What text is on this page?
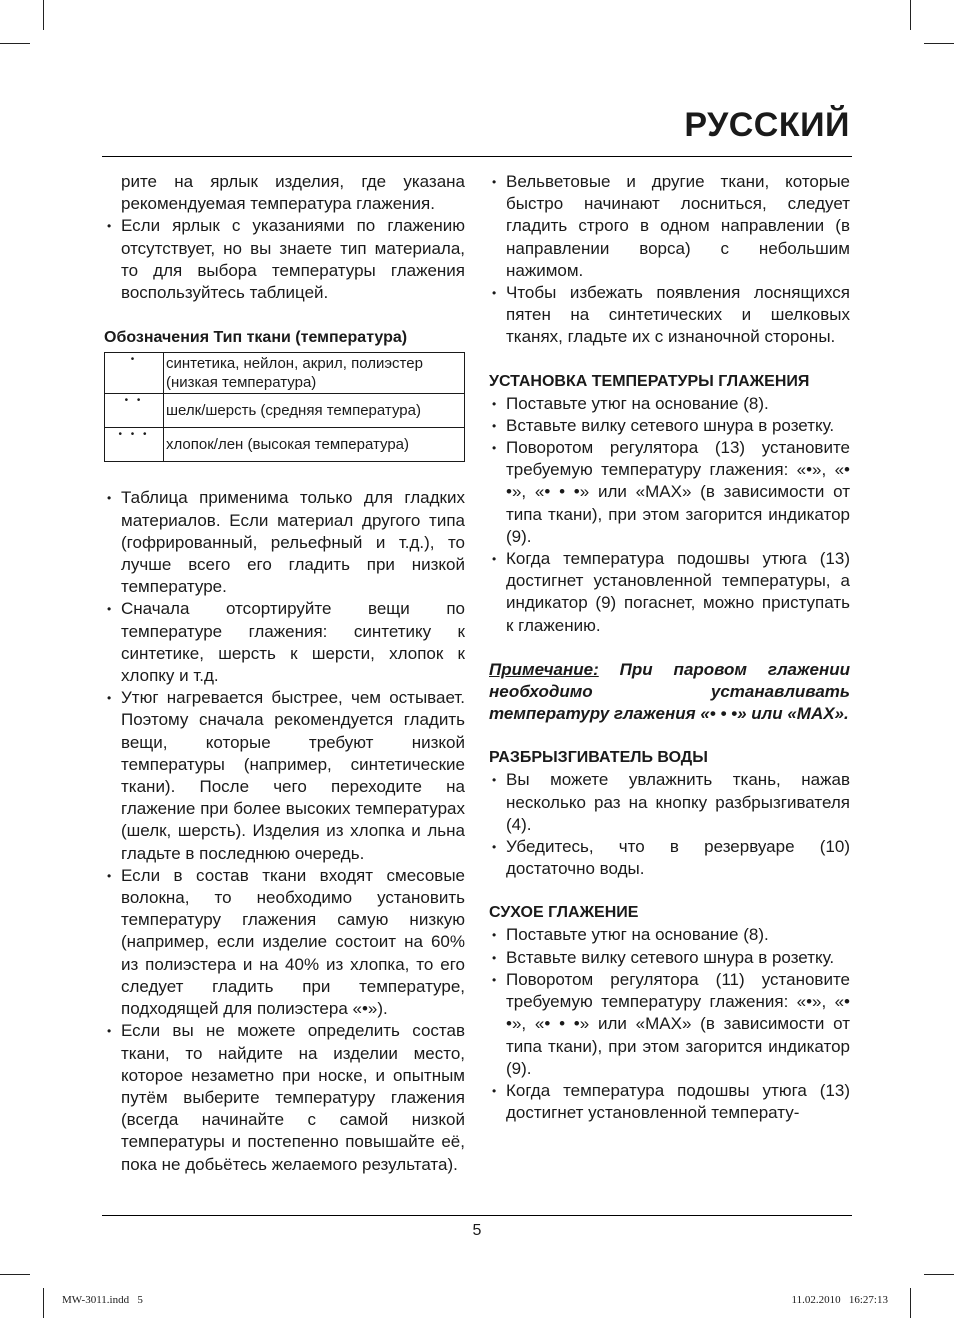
РУССКИЙ

рите на ярлык изделия, где указана рекомендуемая температура глажения.

• Если ярлык с указаниями по глажению отсутствует, но вы знаете тип материала, то для выбора температуры глажения воспользуйтесь таблицей.

Обозначения Тип ткани (температура)

•	синтетика, нейлон, акрил, полиэстер (низкая температура)
• •	шелк/шерсть (средняя температура)
• • •	хлопок/лен (высокая температура)
• Таблица применима только для гладких материалов. Если материал другого типа (гофрированный, рельефный и т.д.), то лучше всего его гладить при низкой температуре.
• Сначала отсортируйте вещи по температуре глажения: синтетику к синтетике, шерсть к шерсти, хлопок к хлопку и т.д.
• Утюг нагревается быстрее, чем остывает. Поэтому сначала рекомендуется гладить вещи, которые требуют низкой температуры (например, синтетические ткани). После чего переходите на глажение при более высоких температурах (шелк, шерсть). Изделия из хлопка и льна гладьте в последнюю очередь.
• Если в состав ткани входят смесовые волокна, то необходимо установить температуру глажения самую низкую (например, если изделие состоит на 60% из полиэстера и на 40% из хлопка, то его следует гладить при температуре, подходящей для полиэстера «•»).
• Если вы не можете определить состав ткани, то найдите на изделии место, которое незаметно при носке, и опытным путём выберите температуру глажения (всегда начинайте с самой низкой температуры и постепенно повышайте её, пока не добьётесь желаемого результата).
• Вельветовые и другие ткани, которые быстро начинают лосниться, следует гладить строго в одном направлении (в направлении ворса) с небольшим нажимом.
• Чтобы избежать появления лоснящихся пятен на синтетических и шелковых тканях, гладьте их с изнаночной стороны.

УСТАНОВКА ТЕМПЕРАТУРЫ ГЛАЖЕНИЯ

• Поставьте утюг на основание (8).
• Вставьте вилку сетевого шнура в розетку.
• Поворотом регулятора (13) установите требуемую температуру глажения: «•», «• •», «• • •» или «MAX» (в зависимости от типа ткани), при этом загорится индикатор (9).
• Когда температура подошвы утюга (13) достигнет установленной температуры, а индикатор (9) погаснет, можно приступать к глажению.

Примечание: При паровом глажении необходимо устанавливать температуру глажения «• • •» или «MAX».

РАЗБРЫЗГИВАТЕЛЬ ВОДЫ

• Вы можете увлажнить ткань, нажав несколько раз на кнопку разбрызгивателя (4).
• Убедитесь, что в резервуаре (10) достаточно воды.

СУХОЕ ГЛАЖЕНИЕ

• Поставьте утюг на основание (8).
• Вставьте вилку сетевого шнура в розетку.
• Поворотом регулятора (11) установите требуемую температуру глажения: «•», «• •», «• • •» или «MAX» (в зависимости от типа ткани), при этом загорится индикатор (9).
• Когда температура подошвы утюга (13) достигнет установленной температу-
5
MW-3011.indd   5	11.02.2010   16:27:13
